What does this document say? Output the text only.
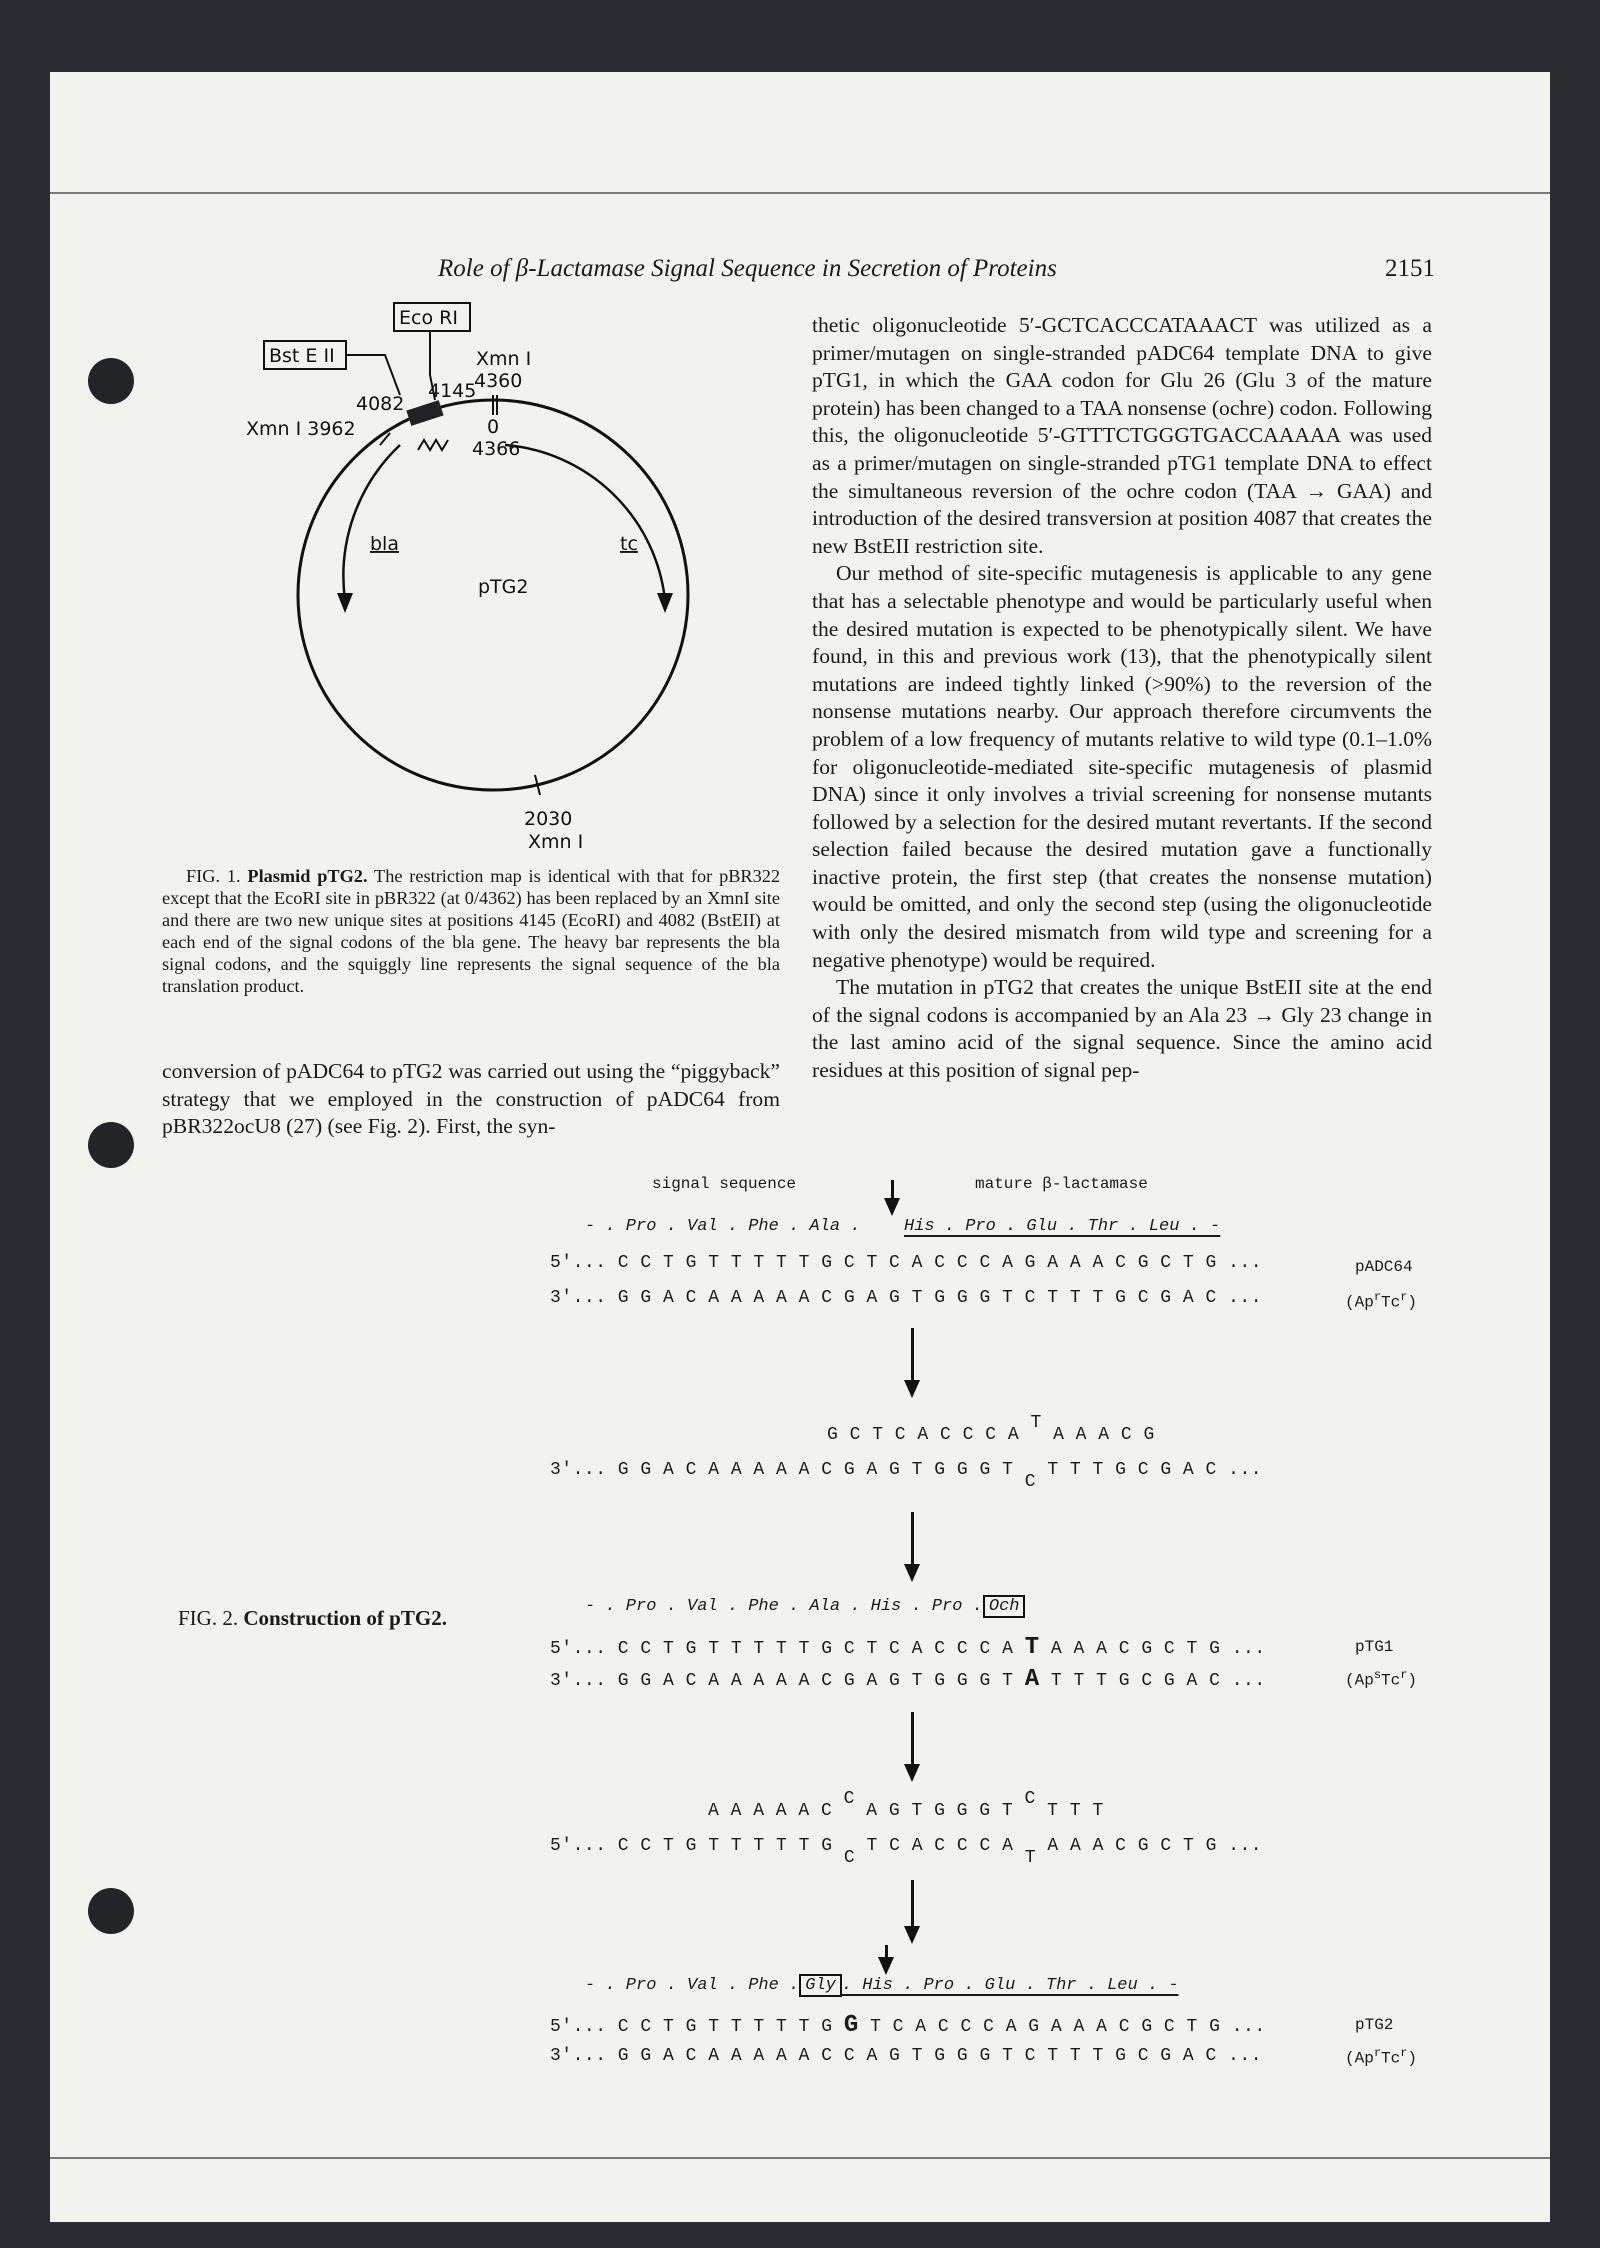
Role of β-Lactamase Signal Sequence in Secretion of Proteins	2151
Eco RI
Bst E II	Xmn I
4360
4082
4145
Xmn I 3962	0
4366
bla	tc
pTG2
2030
Xmn I
FIG. 1. Plasmid pTG2. The restriction map is identical with that for pBR322 except that the EcoRI site in pBR322 (at 0/4362) has been replaced by an XmnI site and there are two new unique sites at positions 4145 (EcoRI) and 4082 (BstEII) at each end of the signal codons of the bla gene. The heavy bar represents the bla signal codons, and the squiggly line represents the signal sequence of the bla translation product.

conversion of pADC64 to pTG2 was carried out using the “piggyback” strategy that we employed in the construction of pADC64 from pBR322ocU8 (27) (see Fig. 2). First, the syn-

thetic oligonucleotide 5′-GCTCACCCATAAACT was utilized as a primer/mutagen on single-stranded pADC64 template DNA to give pTG1, in which the GAA codon for Glu 26 (Glu 3 of the mature protein) has been changed to a TAA nonsense (ochre) codon. Following this, the oligonucleotide 5′-GTTTCTGGGTGACCAAAAA was used as a primer/mutagen on single-stranded pTG1 template DNA to effect the simultaneous reversion of the ochre codon (TAA → GAA) and introduction of the desired transversion at position 4087 that creates the new BstEII restriction site.

Our method of site-specific mutagenesis is applicable to any gene that has a selectable phenotype and would be particularly useful when the desired mutation is expected to be phenotypically silent. We have found, in this and previous work (13), that the phenotypically silent mutations are indeed tightly linked (>90%) to the reversion of the nonsense mutations nearby. Our approach therefore circumvents the problem of a low frequency of mutants relative to wild type (0.1–1.0% for oligonucleotide-mediated site-specific mutagenesis of plasmid DNA) since it only involves a trivial screening for nonsense mutants followed by a selection for the desired mutant revertants. If the second selection failed because the desired mutation gave a functionally inactive protein, the first step (that creates the nonsense mutation) would be omitted, and only the second step (using the oligonucleotide with only the desired mismatch from wild type and screening for a negative phenotype) would be required.

The mutation in pTG2 that creates the unique BstEII site at the end of the signal codons is accompanied by an Ala 23 → Gly 23 change in the last amino acid of the signal sequence. Since the amino acid residues at this position of signal pep-

FIG. 2. Construction of pTG2.
signal sequence	mature β-lactamase
- . Pro . Val . Phe . Ala .	His . Pro . Glu . Thr . Leu . -
5'... C C T G T T T T T G C T C A C C C A G A A A C G C T G ...
3'... G G A C A A A A A C G A G T G G G T C T T T G C G A C ...
pADC64
(Ap$^r$Tc$^r$)
G C T C A C C C A T A A A C G
3'... G G A C A A A A A C G A G T G G G T C T T T G C G A C ...
- . Pro . Val . Phe . Ala . His . Pro . Och
5'... C C T G T T T T T G C T C A C C C A T A A A C G C T G ...
3'... G G A C A A A A A C G A G T G G G T A T T T G C G A C ...
pTG1
(Ap$^s$Tc$^r$)
A A A A A C C A G T G G G T C T T T
5'... C C T G T T T T T G C T C A C C C A T A A A C G C T G ...
- . Pro . Val . Phe . Gly . His . Pro . Glu . Thr . Leu . -
5'... C C T G T T T T T G G T C A C C C A G A A A C G C T G ...
3'... G G A C A A A A A C C A G T G G G T C T T T G C G A C ...
pTG2
(Ap$^r$Tc$^r$)
